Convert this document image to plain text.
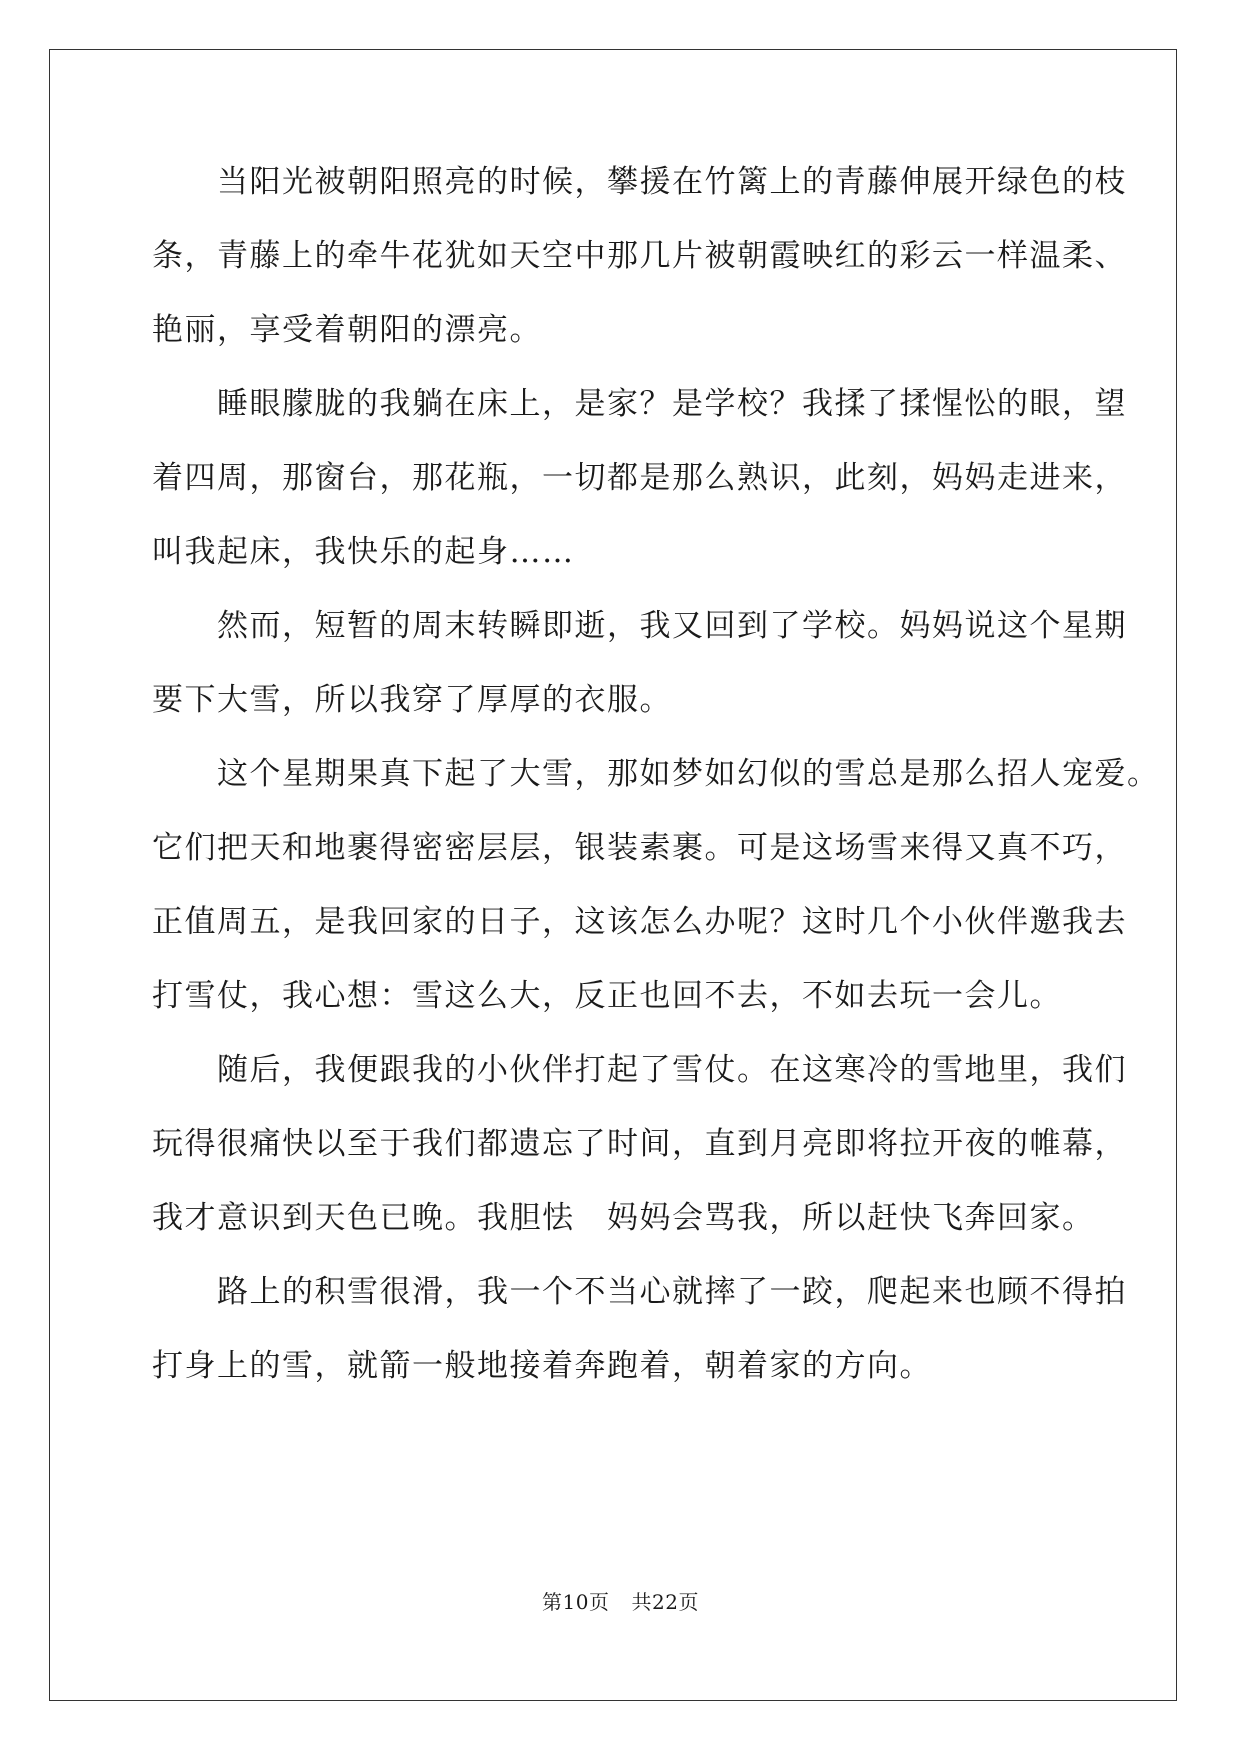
　　当阳光被朝阳照亮的时候，攀援在竹篱上的青藤伸展开绿色的枝
条，青藤上的牵牛花犹如天空中那几片被朝霞映红的彩云一样温柔、
艳丽，享受着朝阳的漂亮。
　　睡眼朦胧的我躺在床上，是家？是学校？我揉了揉惺忪的眼，望
着四周，那窗台，那花瓶，一切都是那么熟识，此刻，妈妈走进来，
叫我起床，我快乐的起身……
　　然而，短暂的周末转瞬即逝，我又回到了学校。妈妈说这个星期
要下大雪，所以我穿了厚厚的衣服。
　　这个星期果真下起了大雪，那如梦如幻似的雪总是那么招人宠爱。
它们把天和地裹得密密层层，银装素裹。可是这场雪来得又真不巧，
正值周五，是我回家的日子，这该怎么办呢？这时几个小伙伴邀我去
打雪仗，我心想：雪这么大，反正也回不去，不如去玩一会儿。
　　随后，我便跟我的小伙伴打起了雪仗。在这寒冷的雪地里，我们
玩得很痛快以至于我们都遗忘了时间，直到月亮即将拉开夜的帷幕，
我才意识到天色已晚。我胆怯　妈妈会骂我，所以赶快飞奔回家。
　　路上的积雪很滑，我一个不当心就摔了一跤，爬起来也顾不得拍
打身上的雪，就箭一般地接着奔跑着，朝着家的方向。
第10页 共22页
